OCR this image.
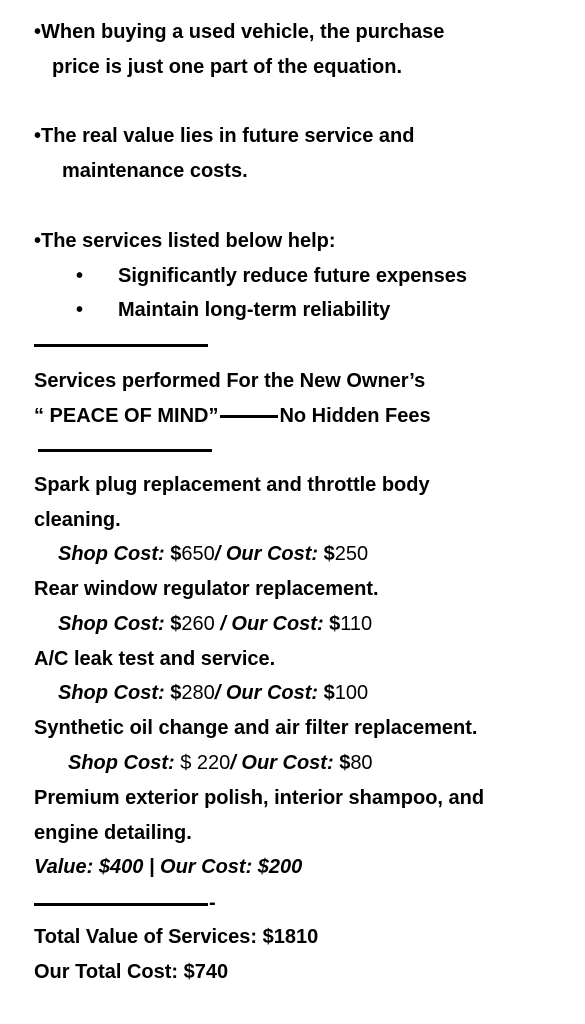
•When buying a used vehicle, the purchase
price is just one part of the equation.
•The real value lies in future service and
maintenance costs.
•The services listed below help:
• Significantly reduce future expenses
• Maintain long-term reliability
Services performed For the New Owner’s
“ PEACE OF MIND”	No Hidden Fees
Spark plug replacement and throttle body
cleaning.
Shop Cost: $650/ Our Cost: $250
Rear window regulator replacement.
Shop Cost: $260 / Our Cost: $110
A/C leak test and service.
Shop Cost: $280/ Our Cost: $100
Synthetic oil change and air filter replacement.
Shop Cost: $ 220/ Our Cost: $80
Premium exterior polish, interior shampoo, and
engine detailing.
Value: $400 | Our Cost: $200
-
Total Value of Services: $1810
Our Total Cost: $740
